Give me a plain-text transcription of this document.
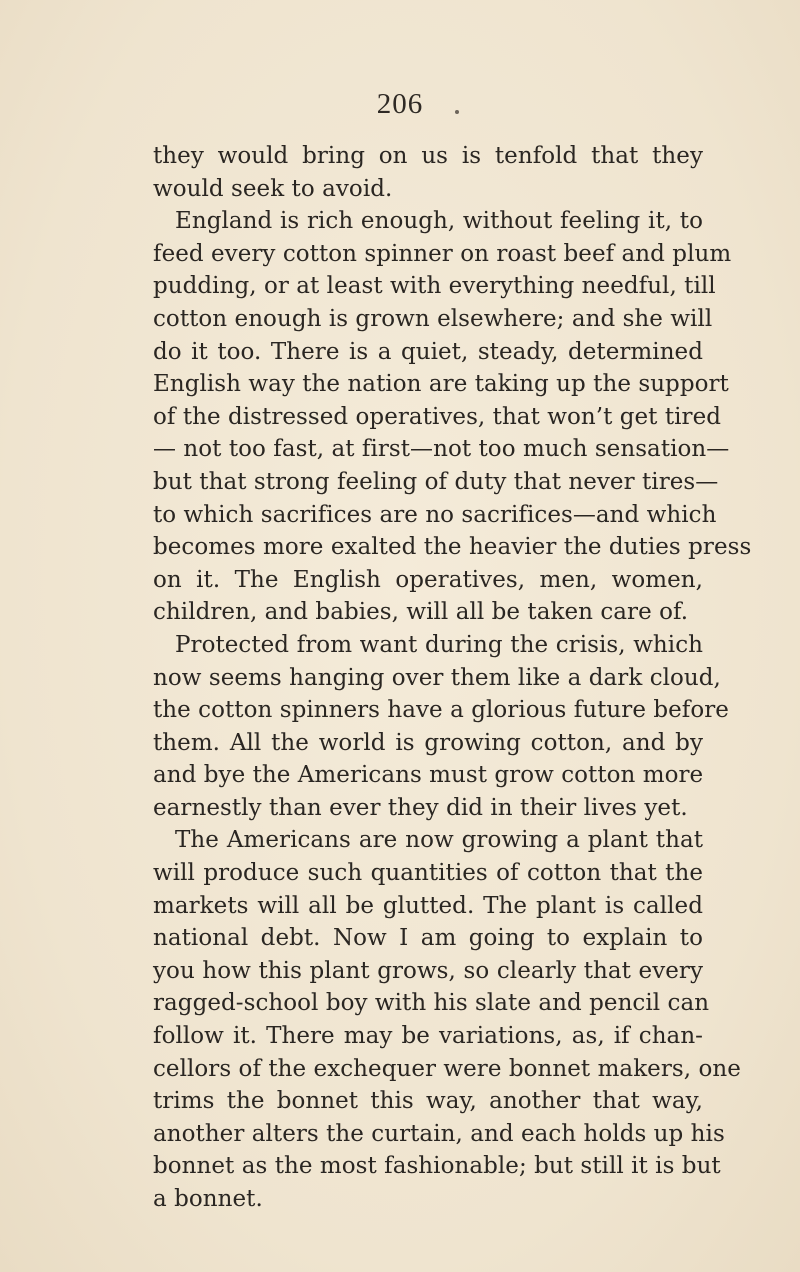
206
they would bring on us is tenfold that they
would seek to avoid.
England is rich enough, without feeling it, to
feed every cotton spinner on roast beef and plum
pudding, or at least with everything needful, till
cotton enough is grown elsewhere; and she will
do it too. There is a quiet, steady, determined
English way the nation are taking up the support
of the distressed operatives, that won’t get tired
— not too fast, at first—not too much sensation—
but that strong feeling of duty that never tires—
to which sacrifices are no sacrifices—and which
becomes more exalted the heavier the duties press
on it. The English operatives, men, women,
children, and babies, will all be taken care of.
Protected from want during the crisis, which
now seems hanging over them like a dark cloud,
the cotton spinners have a glorious future before
them. All the world is growing cotton, and by
and bye the Americans must grow cotton more
earnestly than ever they did in their lives yet.
The Americans are now growing a plant that
will produce such quantities of cotton that the
markets will all be glutted. The plant is called
national debt. Now I am going to explain to
you how this plant grows, so clearly that every
ragged-school boy with his slate and pencil can
follow it. There may be variations, as, if chan-
cellors of the exchequer were bonnet makers, one
trims the bonnet this way, another that way,
another alters the curtain, and each holds up his
bonnet as the most fashionable; but still it is but
a bonnet.
